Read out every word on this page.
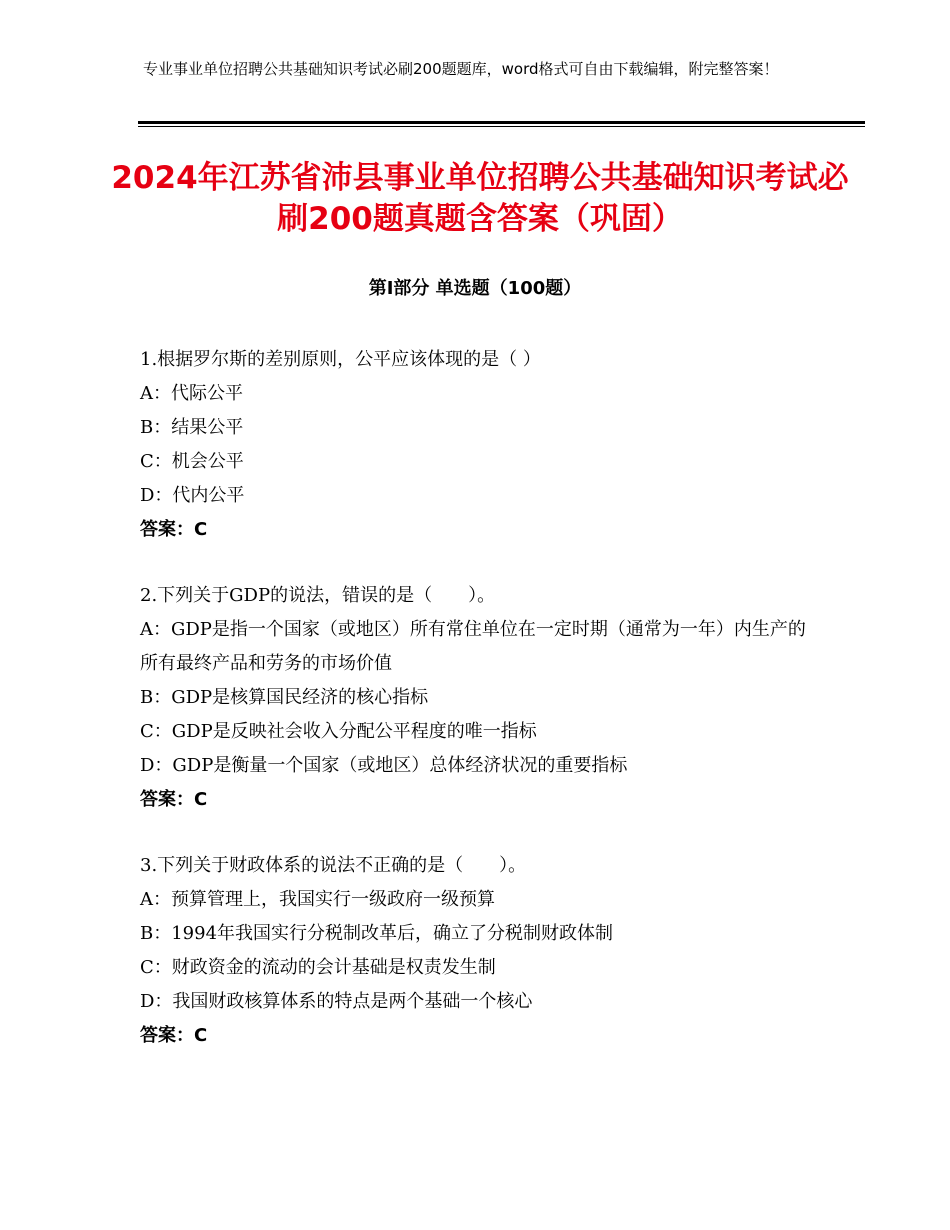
专业事业单位招聘公共基础知识考试必刷200题题库，word格式可自由下载编辑，附完整答案！
2024年江苏省沛县事业单位招聘公共基础知识考试必刷200题真题含答案（巩固）
第Ⅰ部分 单选题（100题）
1.根据罗尔斯的差别原则，公平应该体现的是（ ）
A：代际公平
B：结果公平
C：机会公平
D：代内公平
答案：C
2.下列关于GDP的说法，错误的是（　　）。
A：GDP是指一个国家（或地区）所有常住单位在一定时期（通常为一年）内生产的所有最终产品和劳务的市场价值
B：GDP是核算国民经济的核心指标
C：GDP是反映社会收入分配公平程度的唯一指标
D：GDP是衡量一个国家（或地区）总体经济状况的重要指标
答案：C
3.下列关于财政体系的说法不正确的是（　　）。
A：预算管理上，我国实行一级政府一级预算
B：1994年我国实行分税制改革后，确立了分税制财政体制
C：财政资金的流动的会计基础是权责发生制
D：我国财政核算体系的特点是两个基础一个核心
答案：C
